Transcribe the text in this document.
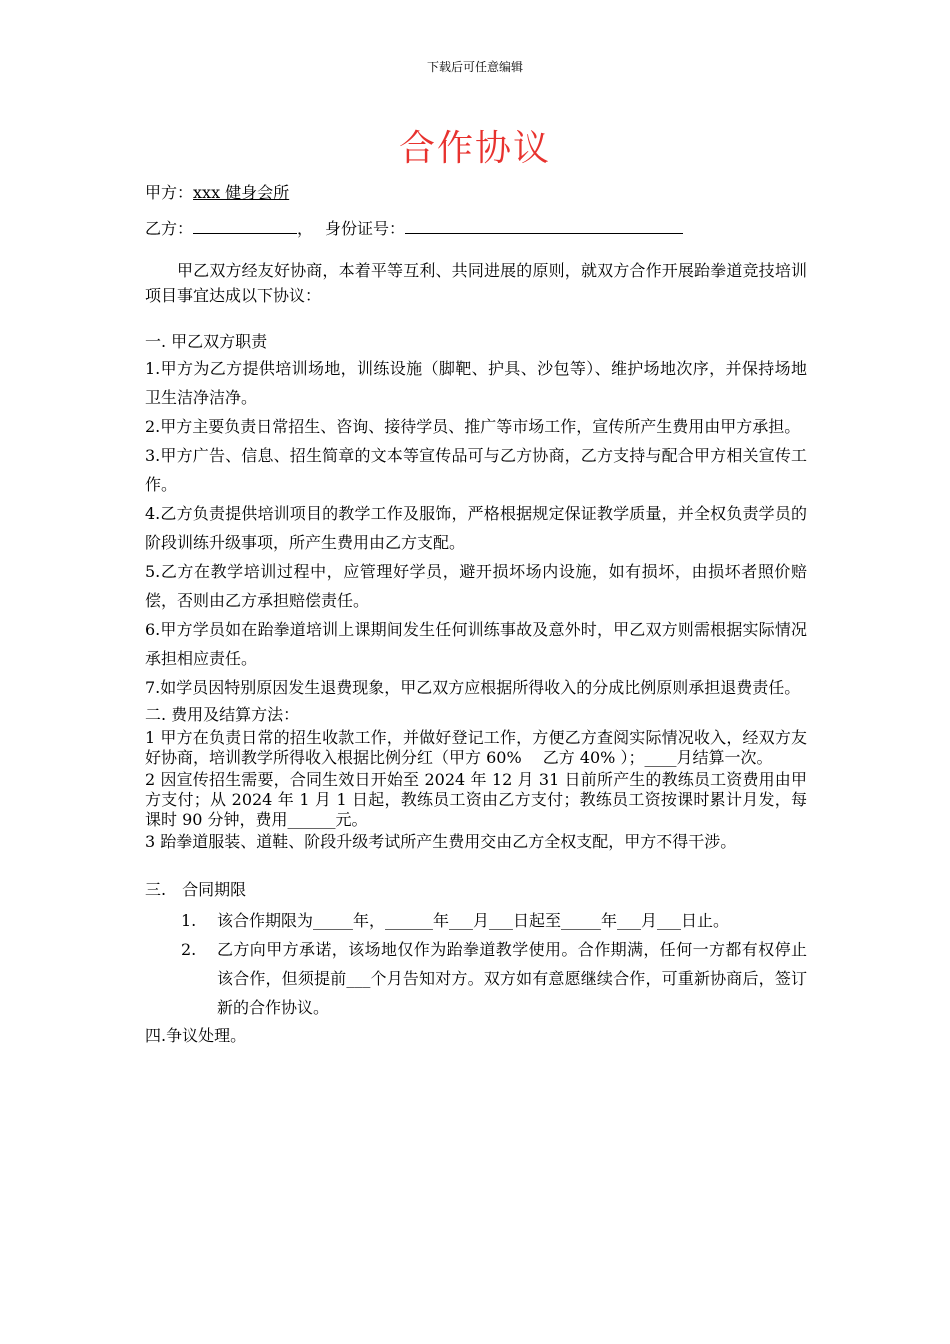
下载后可任意编辑
合作协议
甲方：xxx 健身会所
乙方：	， 身份证号：

甲乙双方经友好协商，本着平等互利、共同进展的原则，就双方合作开展跆拳道竞技培训项目事宜达成以下协议：

一. 甲乙双方职责

1.甲方为乙方提供培训场地，训练设施（脚靶、护具、沙包等）、维护场地次序，并保持场地卫生洁净洁净。

2.甲方主要负责日常招生、咨询、接待学员、推广等市场工作，宣传所产生费用由甲方承担。

3.甲方广告、信息、招生简章的文本等宣传品可与乙方协商，乙方支持与配合甲方相关宣传工作。

4.乙方负责提供培训项目的教学工作及服饰，严格根据规定保证教学质量，并全权负责学员的阶段训练升级事项，所产生费用由乙方支配。

5.乙方在教学培训过程中，应管理好学员，避开损坏场内设施，如有损坏，由损坏者照价赔偿，否则由乙方承担赔偿责任。

6.甲方学员如在跆拳道培训上课期间发生任何训练事故及意外时，甲乙双方则需根据实际情况承担相应责任。

7.如学员因特别原因发生退费现象，甲乙双方应根据所得收入的分成比例原则承担退费责任。

二. 费用及结算方法：

1 甲方在负责日常的招生收款工作，并做好登记工作，方便乙方查阅实际情况收入，经双方友好协商，培训教学所得收入根据比例分红（甲方 60%　 乙方 40% ）；____月结算一次。

2 因宣传招生需要，合同生效日开始至 2024 年 12 月 31 日前所产生的教练员工资费用由甲方支付；从 2024 年 1 月 1 日起，教练员工资由乙方支付；教练员工资按课时累计月发，每课时 90 分钟，费用______元。

3 跆拳道服装、道鞋、阶段升级考试所产生费用交由乙方全权支配，甲方不得干涉。

三.　合同期限
1. 该合作期限为_____年，______年___月___日起至_____年___月___日止。
2. 乙方向甲方承诺，该场地仅作为跆拳道教学使用。合作期满，任何一方都有权停止该合作，但须提前___个月告知对方。双方如有意愿继续合作，可重新协商后，签订新的合作协议。
四.争议处理。
